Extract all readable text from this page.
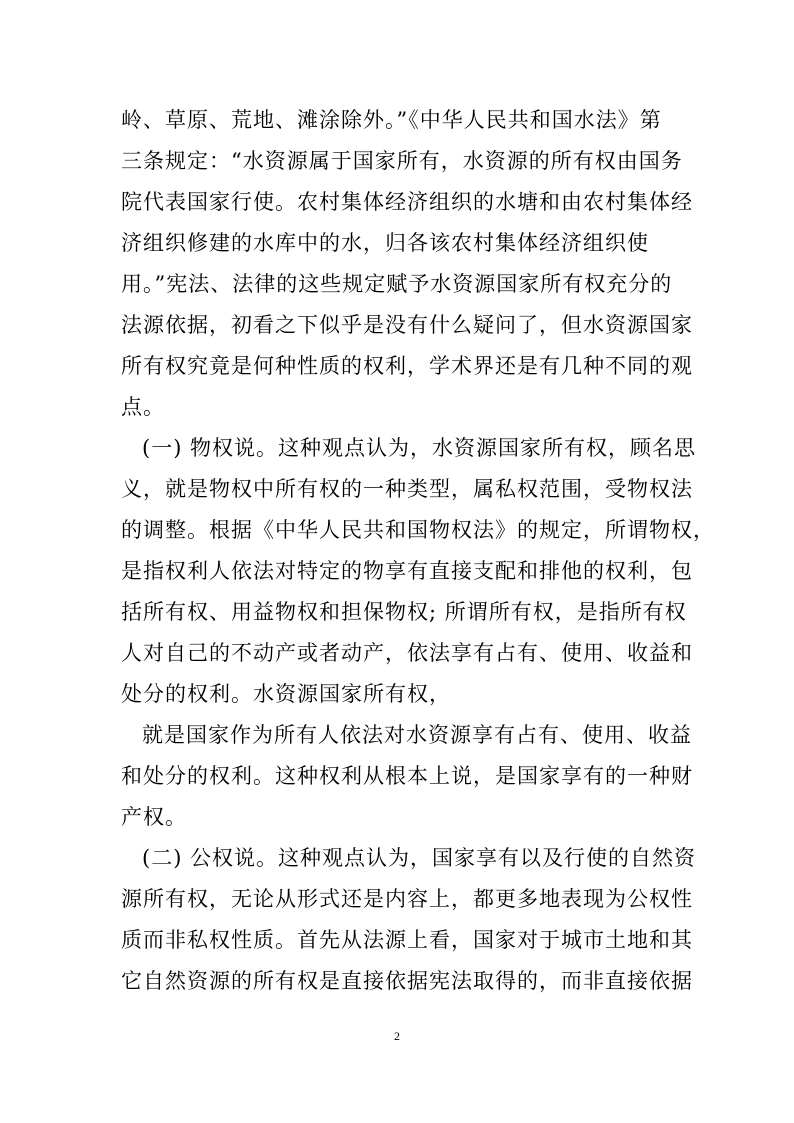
岭、草原、荒地、滩涂除外。”《中华人民共和国水法》第
三条规定：“水资源属于国家所有，水资源的所有权由国务
院代表国家行使。农村集体经济组织的水塘和由农村集体经
济组织修建的水库中的水，归各该农村集体经济组织使
用。”宪法、法律的这些规定赋予水资源国家所有权充分的
法源依据，初看之下似乎是没有什么疑问了，但水资源国家
所有权究竟是何种性质的权利，学术界还是有几种不同的观
点。

(一) 物权说。这种观点认为，水资源国家所有权，顾名思
义，就是物权中所有权的一种类型，属私权范围，受物权法
的调整。根据《中华人民共和国物权法》的规定，所谓物权，
是指权利人依法对特定的物享有直接支配和排他的权利，包
括所有权、用益物权和担保物权; 所谓所有权，是指所有权
人对自己的不动产或者动产，依法享有占有、使用、收益和
处分的权利。水资源国家所有权，

就是国家作为所有人依法对水资源享有占有、使用、收益
和处分的权利。这种权利从根本上说，是国家享有的一种财
产权。

(二) 公权说。这种观点认为，国家享有以及行使的自然资
源所有权，无论从形式还是内容上，都更多地表现为公权性
质而非私权性质。首先从法源上看，国家对于城市土地和其
它自然资源的所有权是直接依据宪法取得的，而非直接依据

2
